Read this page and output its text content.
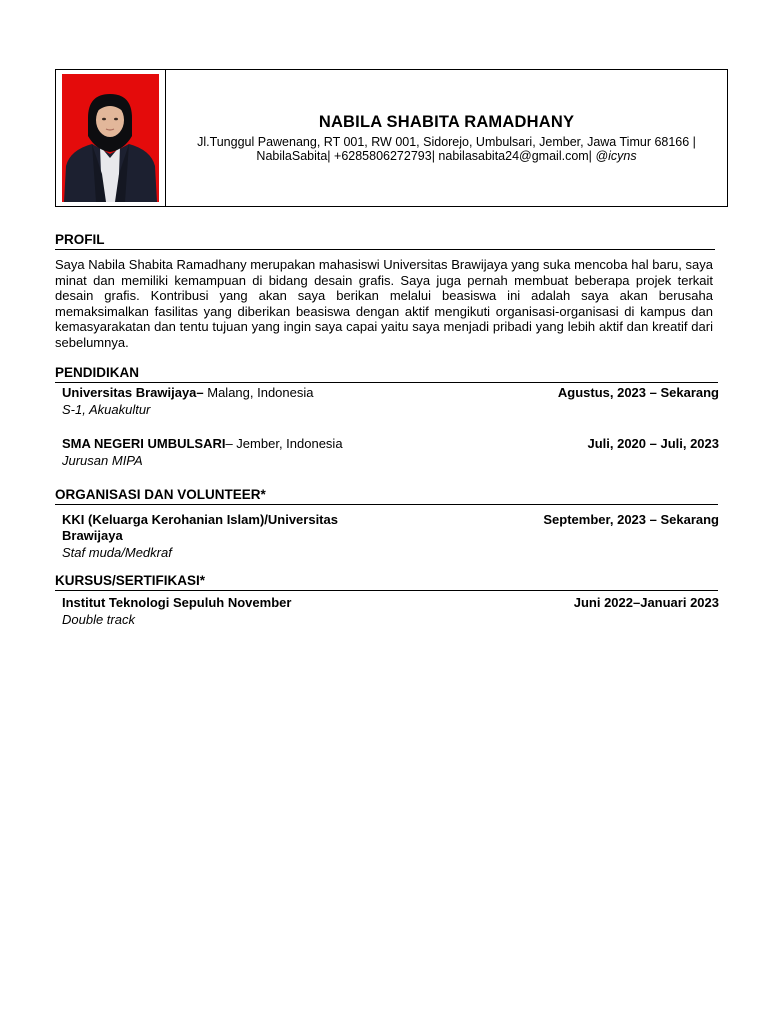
NABILA SHABITA RAMADHANY
Jl.Tunggul Pawenang, RT 001, RW 001, Sidorejo, Umbulsari, Jember, Jawa Timur 68166 |
NabilaSabita| +6285806272793| nabilasabita24@gmail.com| @icyns
PROFIL
Saya Nabila Shabita Ramadhany merupakan mahasiswi Universitas Brawijaya yang suka mencoba hal baru, saya minat dan memiliki kemampuan di bidang desain grafis. Saya juga pernah membuat beberapa projek terkait desain grafis. Kontribusi yang akan saya berikan melalui beasiswa ini adalah saya akan berusaha memaksimalkan fasilitas yang diberikan beasiswa dengan aktif mengikuti organisasi-organisasi di kampus dan kemasyarakatan dan tentu tujuan yang ingin saya capai yaitu saya menjadi pribadi yang lebih aktif dan kreatif dari sebelumnya.
PENDIDIKAN
Universitas Brawijaya– Malang, Indonesia	Agustus, 2023 – Sekarang
S-1, Akuakultur
SMA NEGERI UMBULSARI– Jember, Indonesia	Juli, 2020 – Juli, 2023
Jurusan MIPA
ORGANISASI DAN VOLUNTEER*
KKI (Keluarga Kerohanian Islam)/Universitas
Brawijaya
September, 2023 – Sekarang
Staf muda/Medkraf
KURSUS/SERTIFIKASI*
Institut Teknologi Sepuluh November	Juni 2022–Januari 2023
Double track
